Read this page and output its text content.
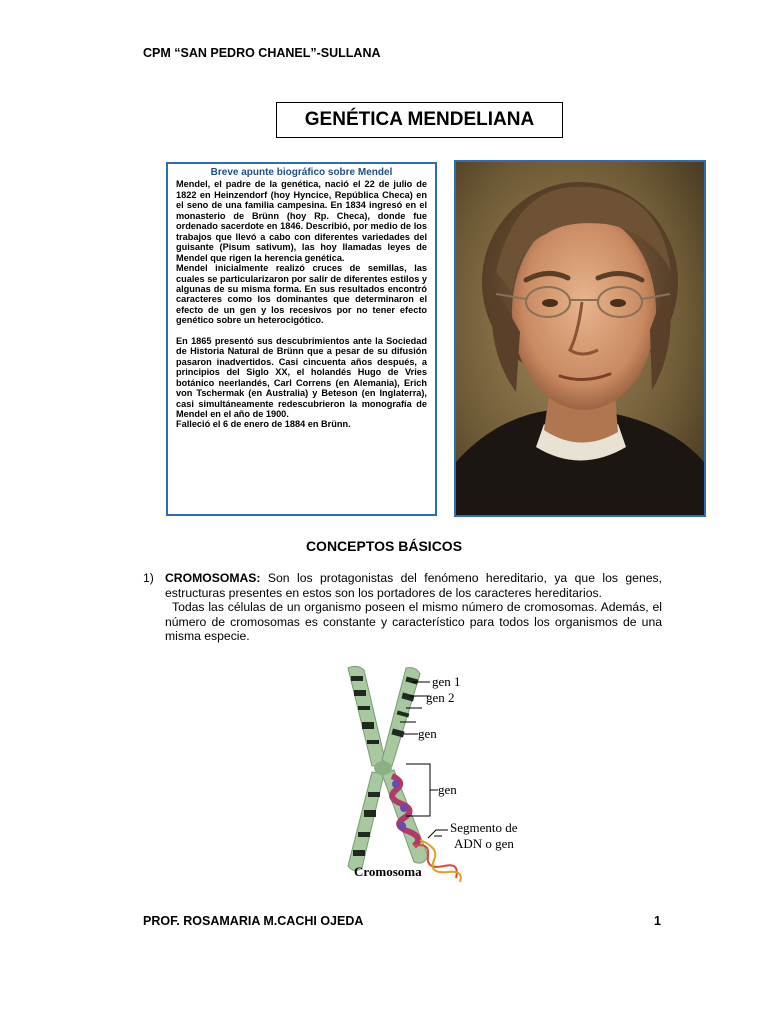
CPM “SAN PEDRO CHANEL”-SULLANA
GENÉTICA MENDELIANA
Breve apunte biográfico sobre Mendel

Mendel, el padre de la genética, nació el 22 de julio de 1822 en Heinzendorf (hoy Hyncice, República Checa) en el seno de una familia campesina. En 1834 ingresó en el monasterio de Brünn (hoy Rp. Checa), donde fue ordenado sacerdote en 1846. Describió, por medio de los trabajos que llevó a cabo con diferentes variedades del guisante (Pisum sativum), las hoy llamadas leyes de Mendel que rigen la herencia genética.

Mendel inicialmente realizó cruces de semillas, las cuales se particularizaron por salir de diferentes estilos y algunas de su misma forma. En sus resultados encontró caracteres como los dominantes que determinaron el efecto de un gen y los recesivos por no tener efecto genético sobre un heterocigótico.

En 1865 presentó sus descubrimientos ante la Sociedad de Historia Natural de Brünn que a pesar de su difusión pasaron inadvertidos. Casi cincuenta años después, a principios del Siglo XX, el holandés Hugo de Vries botánico neerlandés, Carl Correns (en Alemania), Erich von Tschermak (en Australia) y Beteson (en Inglaterra), casi simultáneamente redescubrieron la monografía de Mendel en el año de 1900.

Falleció el 6 de enero de 1884 en Brünn.

CONCEPTOS BÁSICOS
1) CROMOSOMAS: Son los protagonistas del fenómeno hereditario, ya que los genes, estructuras presentes en estos son los portadores de los caracteres hereditarios.

Todas las células de un organismo poseen el mismo número de cromosomas. Además, el número de cromosomas es constante y característico para todos los organismos de una misma especie.

gen 1
gen 2
gen
gen
Segmento de
ADN o gen
Cromosoma
PROF. ROSAMARIA M.CACHI OJEDA	1
